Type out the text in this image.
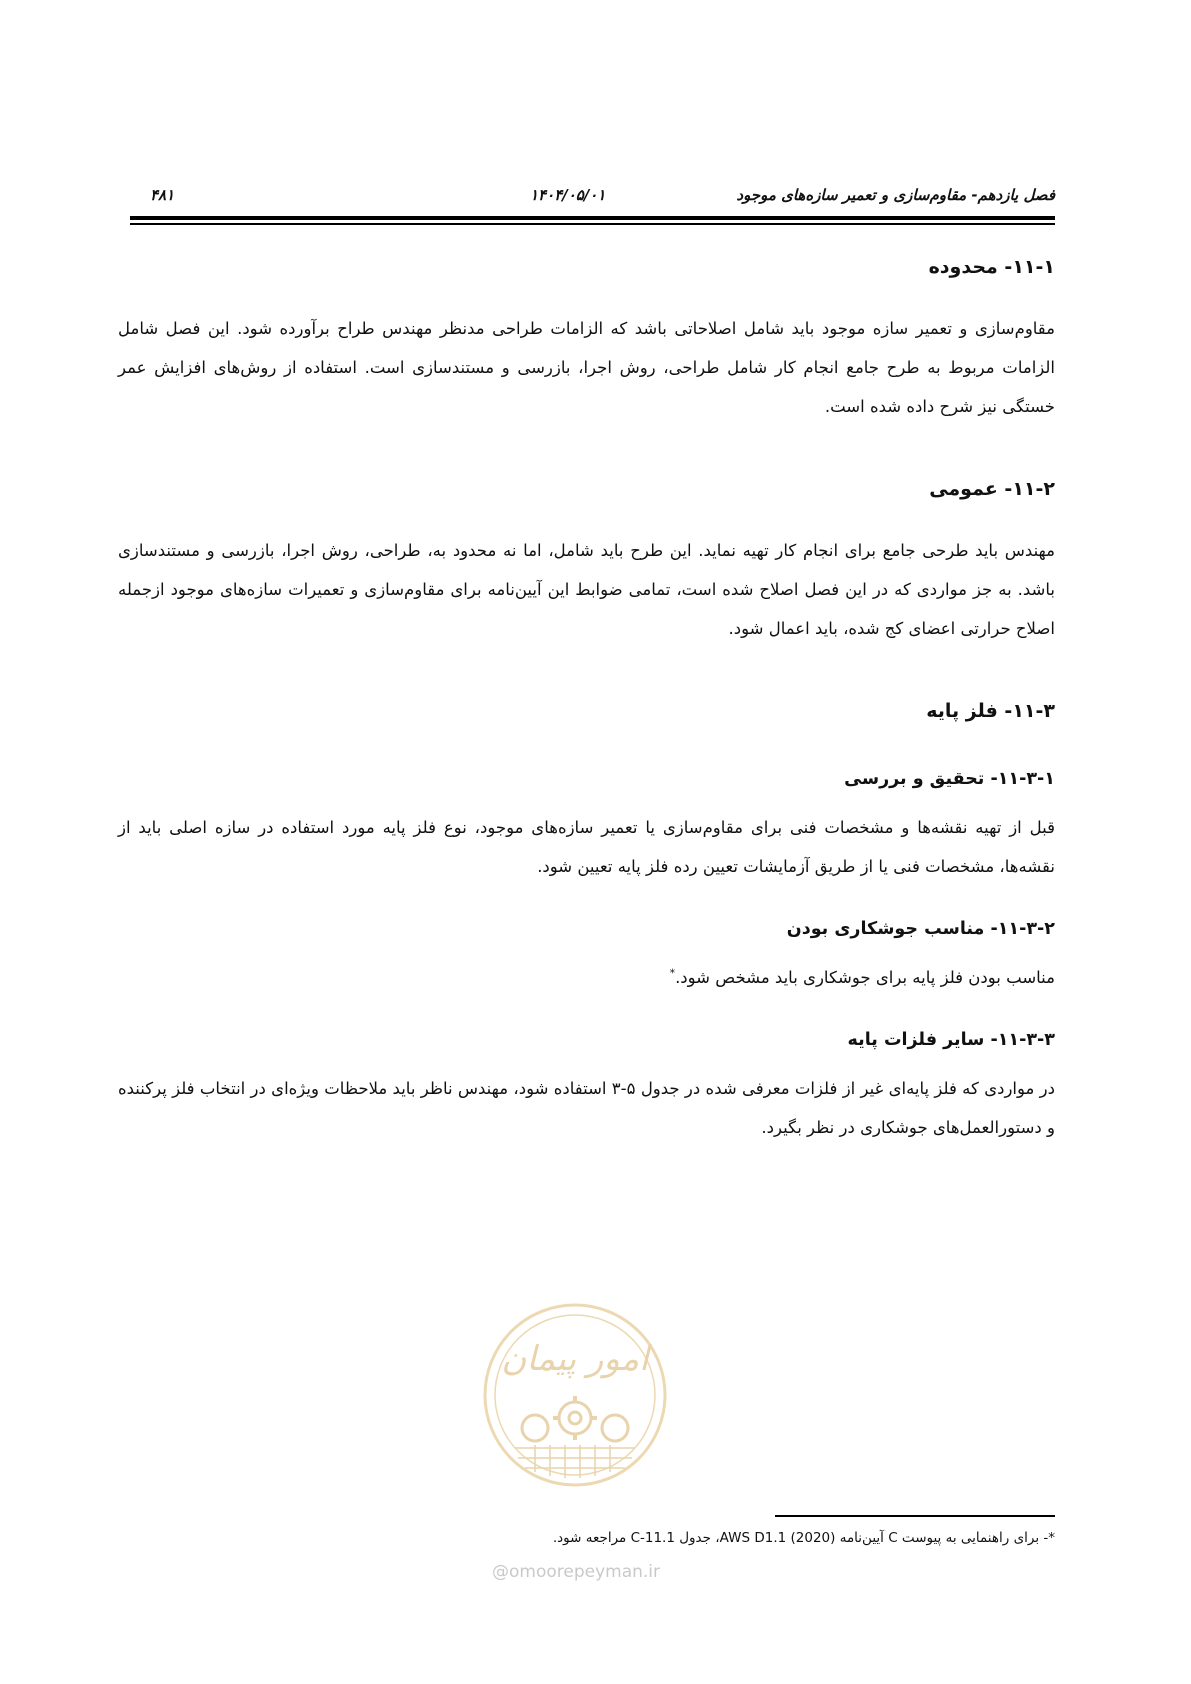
فصل یازدهم- مقاوم‌سازی و تعمیر سازه‌های موجود
۱۴۰۴/۰۵/۰۱
۴۸۱
۱۱-۱- محدوده

مقاوم‌سازی و تعمیر سازه موجود باید شامل اصلاحاتی باشد که الزامات طراحی مدنظر مهندس طراح برآورده شود. این فصل شامل الزامات مربوط به طرح جامع انجام کار شامل طراحی، روش اجرا، بازرسی و مستندسازی است. استفاده از روش‌های افزایش عمر خستگی نیز شرح داده شده است.

۱۱-۲- عمومی

مهندس باید طرحی جامع برای انجام کار تهیه نماید. این طرح باید شامل، اما نه محدود به، طراحی، روش اجرا، بازرسی و مستندسازی باشد. به جز مواردی که در این فصل اصلاح شده است، تمامی ضوابط این آیین‌نامه برای مقاوم‌سازی و تعمیرات سازه‌های موجود ازجمله اصلاح حرارتی اعضای کج شده، باید اعمال شود.

۱۱-۳- فلز پایه
۱۱-۳-۱- تحقیق و بررسی

قبل از تهیه نقشه‌ها و مشخصات فنی برای مقاوم‌سازی یا تعمیر سازه‌های موجود، نوع فلز پایه مورد استفاده در سازه اصلی باید از نقشه‌ها، مشخصات فنی یا از طریق آزمایشات تعیین رده فلز پایه تعیین شود.

۱۱-۳-۲- مناسب جوشکاری بودن

مناسب بودن فلز پایه برای جوشکاری باید مشخص شود.*

۱۱-۳-۳- سایر فلزات پایه

در مواردی که فلز پایه‌ای غیر از فلزات معرفی شده در جدول ۵-۳ استفاده شود، مهندس ناظر باید ملاحظات ویژه‌ای در انتخاب فلز پرکننده و دستورالعمل‌های جوشکاری در نظر بگیرد.

امور پیمان
@omoorepeyman.ir
*- برای راهنمایی به پیوست C آیین‌نامه AWS D1.1 (2020)، جدول C-11.1 مراجعه شود.
